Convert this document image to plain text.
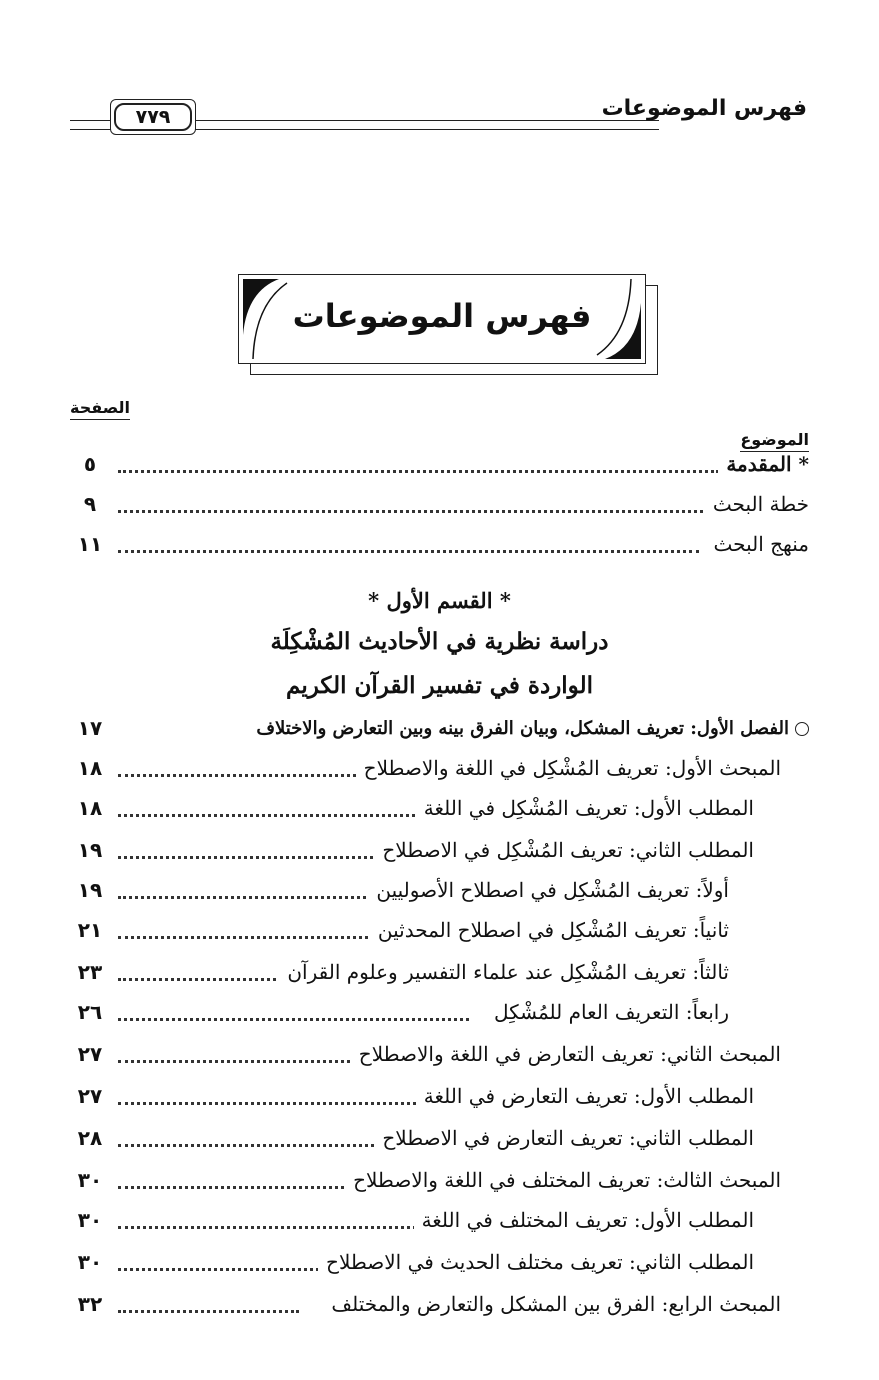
فهرس الموضوعات
٧٧٩
فهرس الموضوعات
الموضوع
الصفحة
* المقدمة
٥
خطة البحث
٩
منهج البحث
١١
* القسم الأول *
دراسة نظرية في الأحاديث المُشْكِلَة
الواردة في تفسير القرآن الكريم
الفصل الأول: تعريف المشكل، وبيان الفرق بينه وبين التعارض والاختلاف
١٧
المبحث الأول: تعريف المُشْكِل في اللغة والاصطلاح
١٨
المطلب الأول: تعريف المُشْكِل في اللغة
١٨
المطلب الثاني: تعريف المُشْكِل في الاصطلاح
١٩
أولاً: تعريف المُشْكِل في اصطلاح الأصوليين
١٩
ثانياً: تعريف المُشْكِل في اصطلاح المحدثين
٢١
ثالثاً: تعريف المُشْكِل عند علماء التفسير وعلوم القرآن
٢٣
رابعاً: التعريف العام للمُشْكِل
٢٦
المبحث الثاني: تعريف التعارض في اللغة والاصطلاح
٢٧
المطلب الأول: تعريف التعارض في اللغة
٢٧
المطلب الثاني: تعريف التعارض في الاصطلاح
٢٨
المبحث الثالث: تعريف المختلف في اللغة والاصطلاح
٣٠
المطلب الأول: تعريف المختلف في اللغة
٣٠
المطلب الثاني: تعريف مختلف الحديث في الاصطلاح
٣٠
المبحث الرابع: الفرق بين المشكل والتعارض والمختلف
٣٢
